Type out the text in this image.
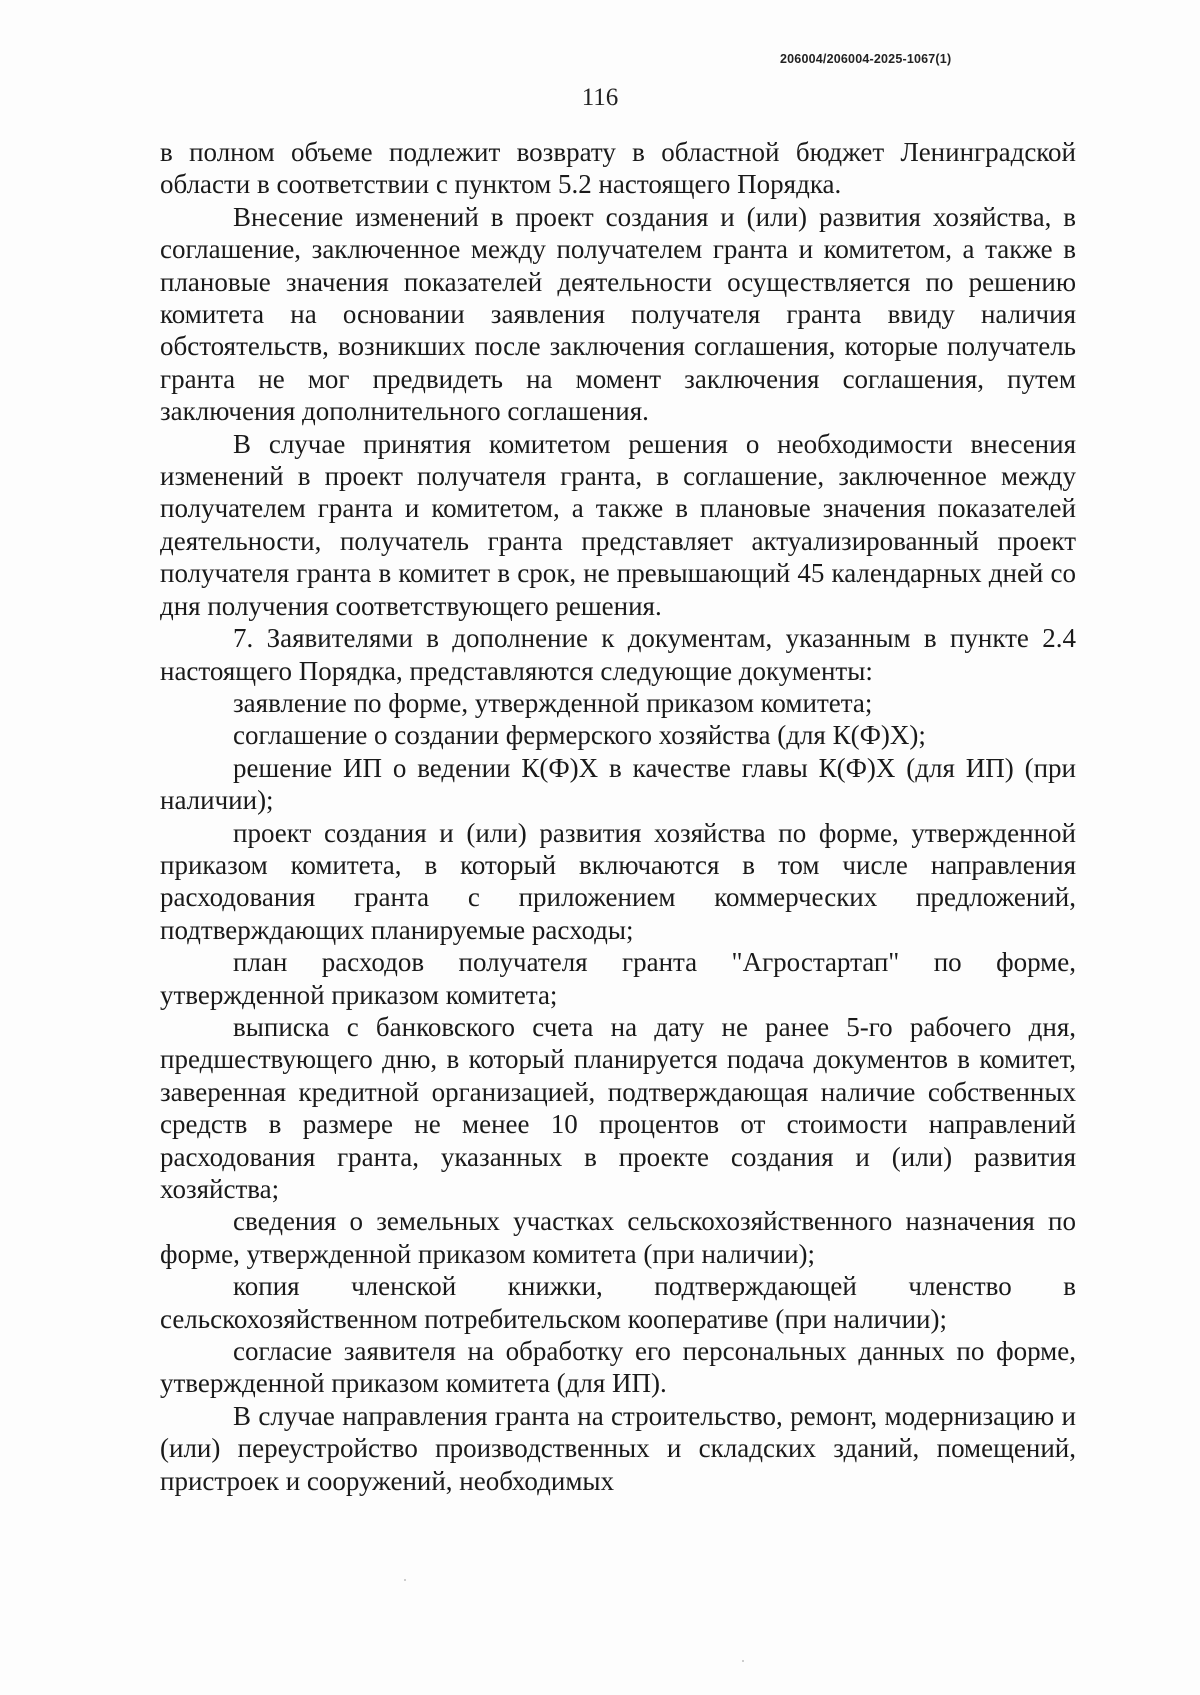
206004/206004-2025-1067(1)
116

в полном объеме подлежит возврату в областной бюджет Ленинградской области в соответствии с пунктом 5.2 настоящего Порядка.

Внесение изменений в проект создания и (или) развития хозяйства, в соглашение, заключенное между получателем гранта и комитетом, а также в плановые значения показателей деятельности осуществляется по решению комитета на основании заявления получателя гранта ввиду наличия обстоятельств, возникших после заключения соглашения, которые получатель гранта не мог предвидеть на момент заключения соглашения, путем заключения дополнительного соглашения.

В случае принятия комитетом решения о необходимости внесения изменений в проект получателя гранта, в соглашение, заключенное между получателем гранта и комитетом, а также в плановые значения показателей деятельности, получатель гранта представляет актуализированный проект получателя гранта в комитет в срок, не превышающий 45 календарных дней со дня получения соответствующего решения.

7. Заявителями в дополнение к документам, указанным в пункте 2.4 настоящего Порядка, представляются следующие документы:

заявление по форме, утвержденной приказом комитета;

соглашение о создании фермерского хозяйства (для К(Ф)Х);

решение ИП о ведении К(Ф)Х в качестве главы К(Ф)Х (для ИП) (при наличии);

проект создания и (или) развития хозяйства по форме, утвержденной приказом комитета, в который включаются в том числе направления расходования гранта с приложением коммерческих предложений, подтверждающих планируемые расходы;

план расходов получателя гранта "Агростартап" по форме, утвержденной приказом комитета;

выписка с банковского счета на дату не ранее 5-го рабочего дня, предшествующего дню, в который планируется подача документов в комитет, заверенная кредитной организацией, подтверждающая наличие собственных средств в размере не менее 10 процентов от стоимости направлений расходования гранта, указанных в проекте создания и (или) развития хозяйства;

сведения о земельных участках сельскохозяйственного назначения по форме, утвержденной приказом комитета (при наличии);

копия членской книжки, подтверждающей членство в сельскохозяйственном потребительском кооперативе (при наличии);

согласие заявителя на обработку его персональных данных по форме, утвержденной приказом комитета (для ИП).

В случае направления гранта на строительство, ремонт, модернизацию и (или) переустройство производственных и складских зданий, помещений, пристроек и сооружений, необходимых
